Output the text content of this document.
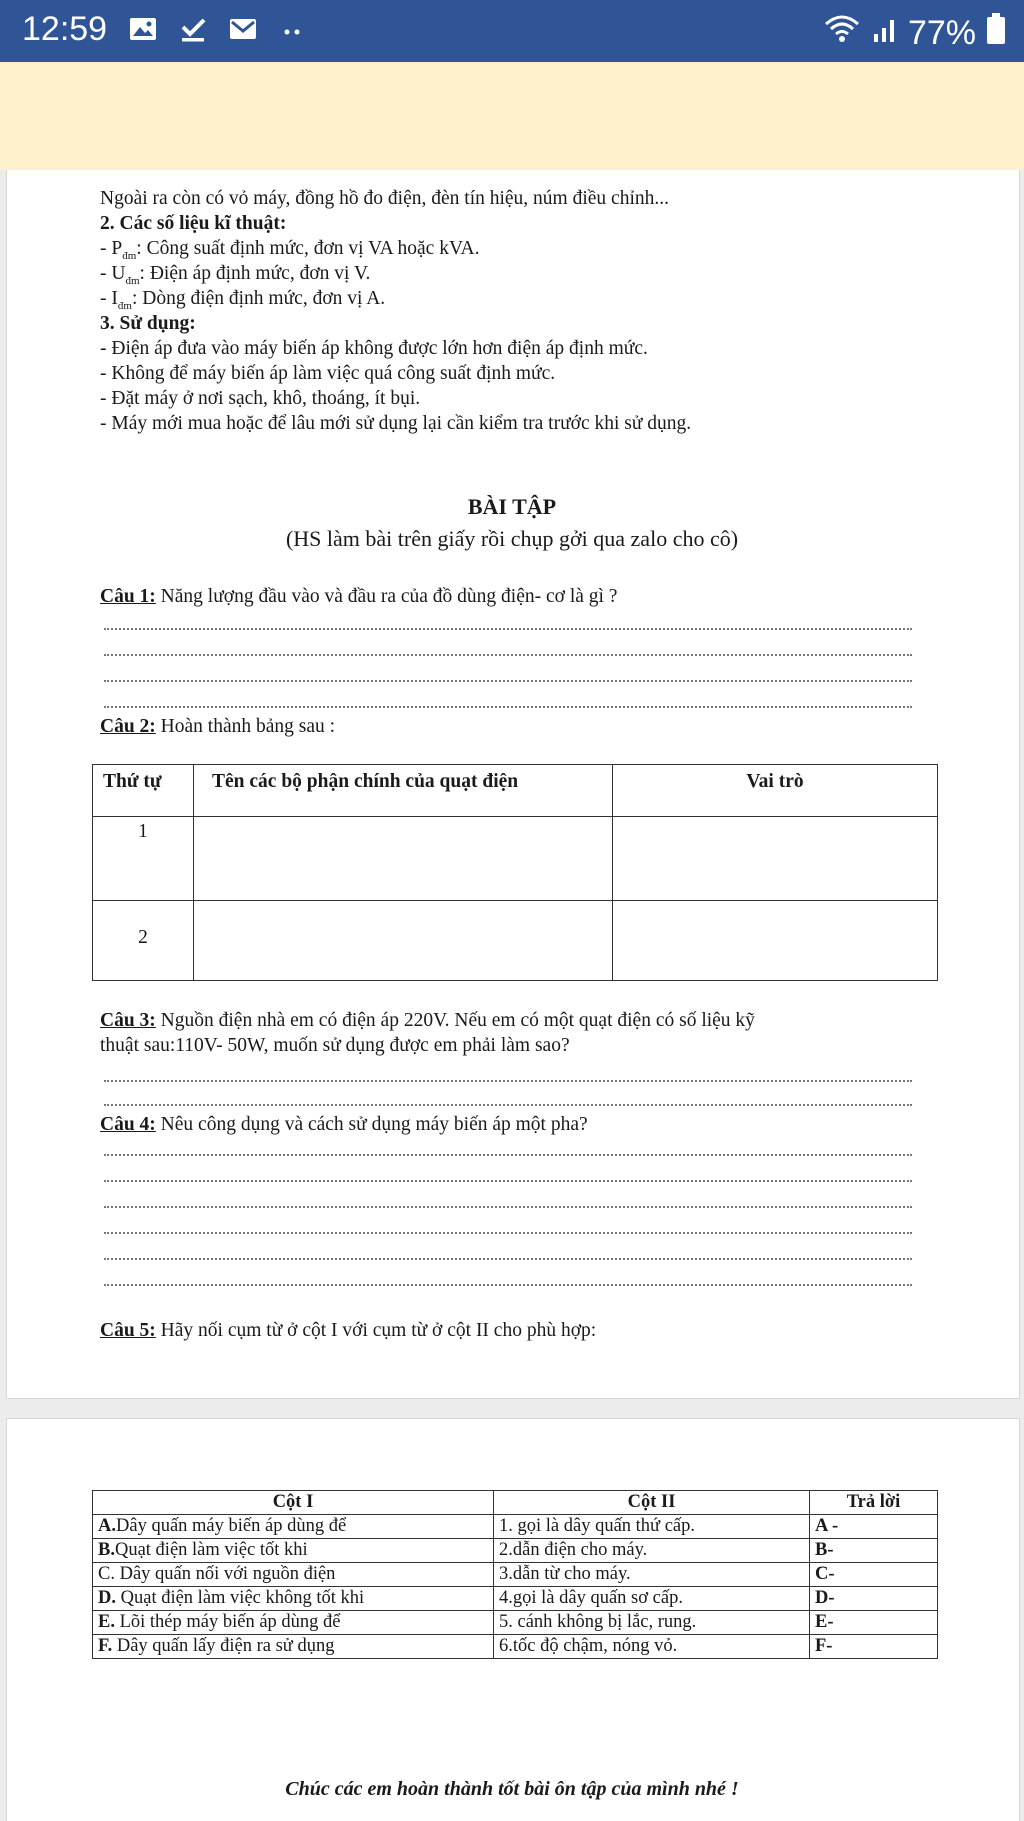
12:59	77%
Ngoài ra còn có vỏ máy, đồng hồ đo điện, đèn tín hiệu, núm điều chỉnh...
2. Các số liệu kĩ thuật:
- $P_{đm}$: Công suất định mức, đơn vị VA hoặc kVA.
- $U_{đm}$: Điện áp định mức, đơn vị V.
- $I_{đm}$: Dòng điện định mức, đơn vị A.
3. Sử dụng:
- Điện áp đưa vào máy biến áp không được lớn hơn điện áp định mức.
- Không để máy biến áp làm việc quá công suất định mức.
- Đặt máy ở nơi sạch, khô, thoáng, ít bụi.
- Máy mới mua hoặc để lâu mới sử dụng lại cần kiểm tra trước khi sử dụng.
BÀI TẬP
(HS làm bài trên giấy rồi chụp gởi qua zalo cho cô)
Câu 1: Năng lượng đầu vào và đầu ra của đồ dùng điện- cơ là gì ?
Câu 2: Hoàn thành bảng sau :
Thứ tự	Tên các bộ phận chính của quạt điện	Vai trò
1		
2		
Câu 3: Nguồn điện nhà em có điện áp 220V. Nếu em có một quạt điện có số liệu kỹ
thuật sau:110V- 50W, muốn sử dụng được em phải làm sao?
Câu 4: Nêu công dụng và cách sử dụng máy biến áp một pha?
Câu 5: Hãy nối cụm từ ở cột I với cụm từ ở cột II cho phù hợp:
Cột I	Cột II	Trả lời
A.Dây quấn máy biến áp dùng để	1. gọi là dây quấn thứ cấp.	A -
B.Quạt điện làm việc tốt khi	2.dẫn điện cho máy.	B-
C. Dây quấn nối với nguồn điện	3.dẫn từ cho máy.	C-
D. Quạt điện làm việc không tốt khi	4.gọi là dây quấn sơ cấp.	D-
E. Lõi thép máy biến áp dùng để	5. cánh không bị lắc, rung.	E-
F. Dây quấn lấy điện ra sử dụng	6.tốc độ chậm, nóng vỏ.	F-
Chúc các em hoàn thành tốt bài ôn tập của mình nhé !
